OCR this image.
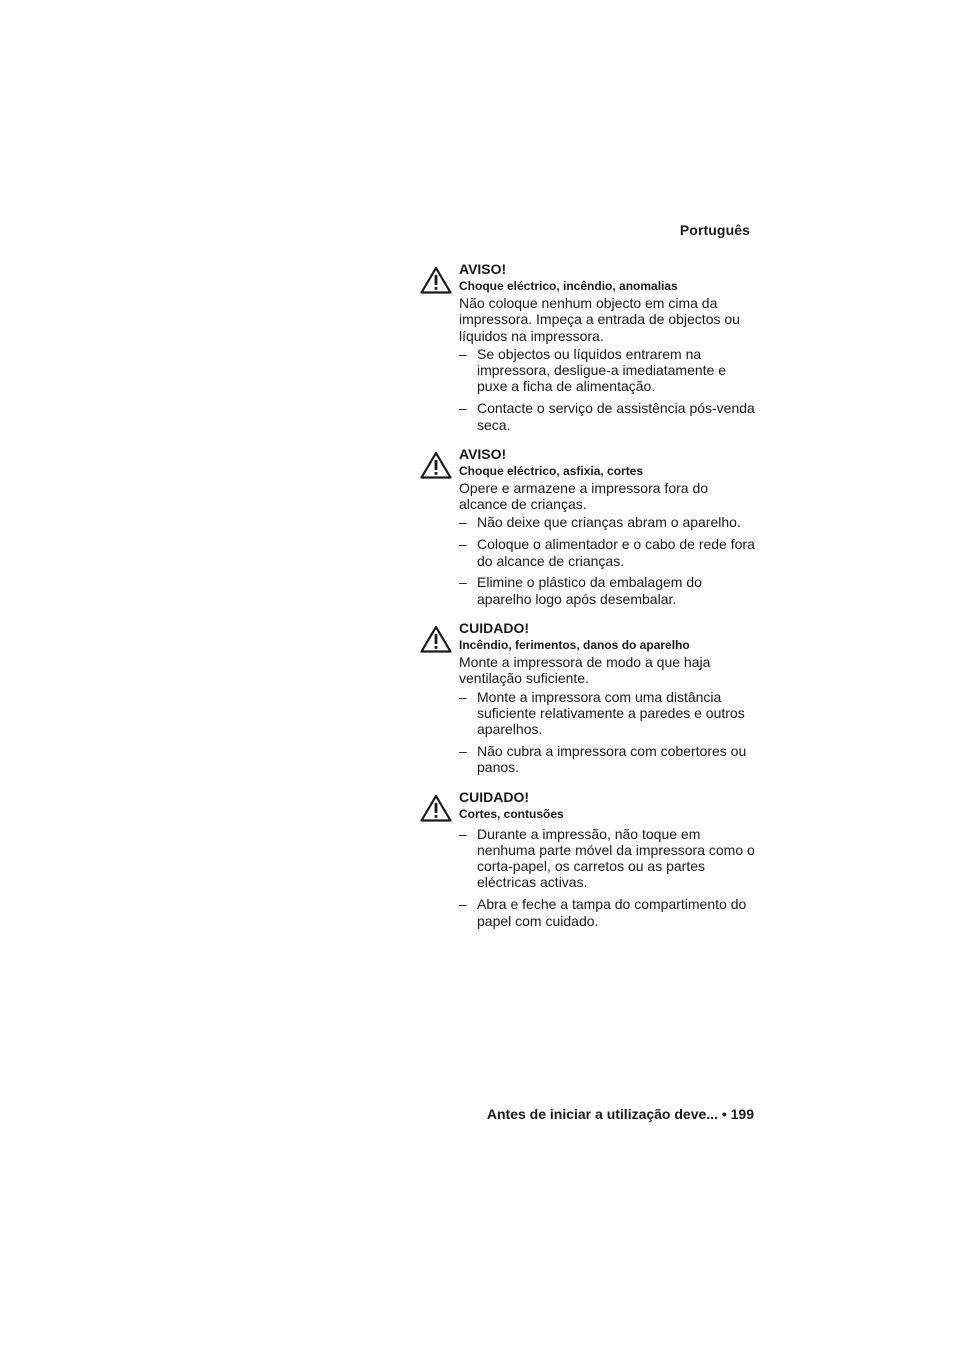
Português

AVISO!

Choque eléctrico, incêndio, anomalias

Não coloque nenhum objecto em cima da impressora. Impeça a entrada de objectos ou líquidos na impressora.

– Se objectos ou líquidos entrarem na impressora, desligue-a imediatamente e puxe a ficha de alimentação.
– Contacte o serviço de assistência pós-venda seca.

AVISO!

Choque eléctrico, asfixia, cortes

Opere e armazene a impressora fora do alcance de crianças.

– Não deixe que crianças abram o aparelho.
– Coloque o alimentador e o cabo de rede fora do alcance de crianças.
– Elimine o plástico da embalagem do aparelho logo após desembalar.

CUIDADO!

Incêndio, ferimentos, danos do aparelho

Monte a impressora de modo a que haja ventilação suficiente.

– Monte a impressora com uma distância suficiente relativamente a paredes e outros aparelhos.
– Não cubra a impressora com cobertores ou panos.

CUIDADO!

Cortes, contusões

– Durante a impressão, não toque em nenhuma parte móvel da impressora como o corta-papel, os carretos ou as partes eléctricas activas.
– Abra e feche a tampa do compartimento do papel com cuidado.
Antes de iniciar a utilização deve... • 199
